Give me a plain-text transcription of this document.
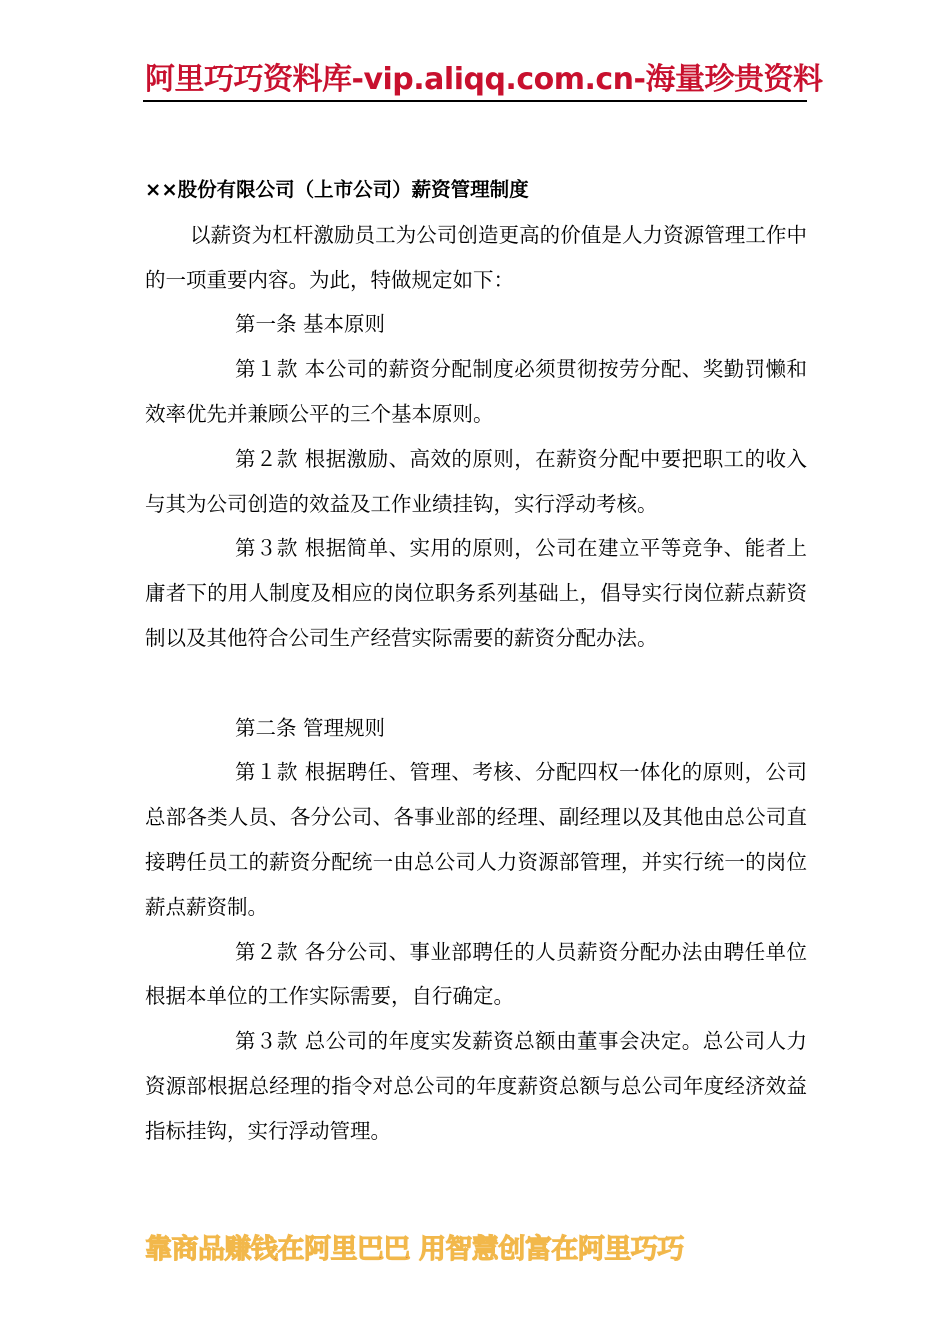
阿里巧巧资料库-vip.aliqq.com.cn-海量珍贵资料

××股份有限公司（上市公司）薪资管理制度

以薪资为杠杆激励员工为公司创造更高的价值是人力资源管理工作中的一项重要内容。为此，特做规定如下：

第一条 基本原则

第１款 本公司的薪资分配制度必须贯彻按劳分配、奖勤罚懒和效率优先并兼顾公平的三个基本原则。

第２款 根据激励、高效的原则，在薪资分配中要把职工的收入与其为公司创造的效益及工作业绩挂钩，实行浮动考核。

第３款 根据简单、实用的原则，公司在建立平等竞争、能者上庸者下的用人制度及相应的岗位职务系列基础上，倡导实行岗位薪点薪资制以及其他符合公司生产经营实际需要的薪资分配办法。

第二条 管理规则

第１款 根据聘任、管理、考核、分配四权一体化的原则，公司总部各类人员、各分公司、各事业部的经理、副经理以及其他由总公司直接聘任员工的薪资分配统一由总公司人力资源部管理，并实行统一的岗位薪点薪资制。

第２款 各分公司、事业部聘任的人员薪资分配办法由聘任单位根据本单位的工作实际需要，自行确定。

第３款 总公司的年度实发薪资总额由董事会决定。总公司人力资源部根据总经理的指令对总公司的年度薪资总额与总公司年度经济效益指标挂钩，实行浮动管理。

靠商品赚钱在阿里巴巴 用智慧创富在阿里巧巧
